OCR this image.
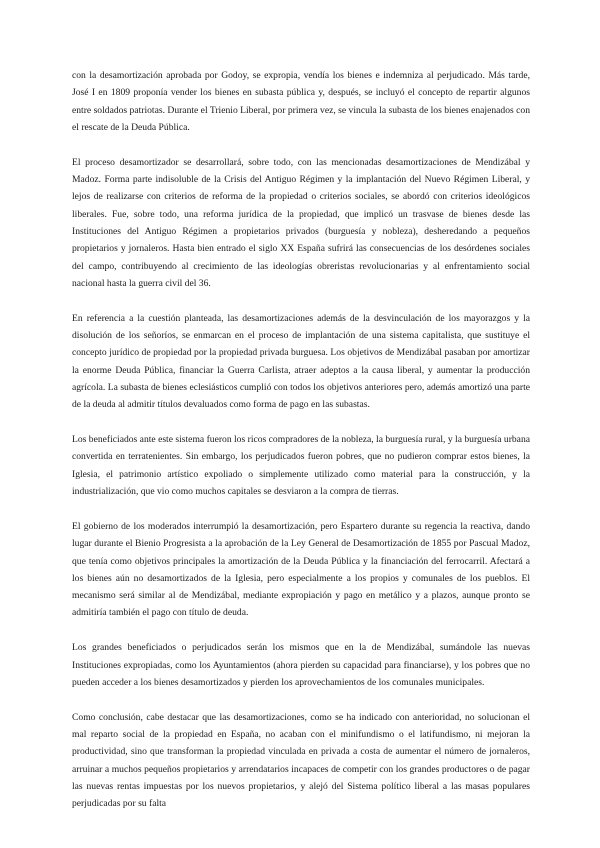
con la desamortización aprobada por Godoy, se expropia, vendía los bienes e indemniza al perjudicado. Más tarde, José I en 1809 proponía vender los bienes en subasta pública y, después, se incluyó el concepto de repartir algunos entre soldados patriotas. Durante el Trienio Liberal, por primera vez, se vincula la subasta de los bienes enajenados con el rescate de la Deuda Pública.

El proceso desamortizador se desarrollará, sobre todo, con las mencionadas desamortizaciones de Mendizábal y Madoz. Forma parte indisoluble de la Crisis del Antiguo Régimen y la implantación del Nuevo Régimen Liberal, y lejos de realizarse con criterios de reforma de la propiedad o criterios sociales, se abordó con criterios ideológicos liberales. Fue, sobre todo, una reforma jurídica de la propiedad, que implicó un trasvase de bienes desde las Instituciones del Antiguo Régimen a propietarios privados (burguesía y nobleza), desheredando a pequeños propietarios y jornaleros. Hasta bien entrado el siglo XX España sufrirá las consecuencias de los desórdenes sociales del campo, contribuyendo al crecimiento de las ideologías obreristas revolucionarias y al enfrentamiento social nacional hasta la guerra civil del 36.

En referencia a la cuestión planteada, las desamortizaciones además de la desvinculación de los mayorazgos y la disolución de los señoríos, se enmarcan en el proceso de implantación de una sistema capitalista, que sustituye el concepto jurídico de propiedad por la propiedad privada burguesa. Los objetivos de Mendizábal pasaban por amortizar la enorme Deuda Pública, financiar la Guerra Carlista, atraer adeptos a la causa liberal, y aumentar la producción agrícola. La subasta de bienes eclesiásticos cumplió con todos los objetivos anteriores pero, además amortizó una parte de la deuda al admitir títulos devaluados como forma de pago en las subastas.

Los beneficiados ante este sistema fueron los ricos compradores de la nobleza, la burguesía rural, y la burguesía urbana convertida en terratenientes. Sin embargo, los perjudicados fueron pobres, que no pudieron comprar estos bienes, la Iglesia, el patrimonio artístico expoliado o simplemente utilizado como material para la construcción, y la industrialización, que vio como muchos capitales se desviaron a la compra de tierras.

El gobierno de los moderados interrumpió la desamortización, pero Espartero durante su regencia la reactiva, dando lugar durante el Bienio Progresista a la aprobación de la Ley General de Desamortización de 1855 por Pascual Madoz, que tenía como objetivos principales la amortización de la Deuda Pública y la financiación del ferrocarril. Afectará a los bienes aún no desamortizados de la Iglesia, pero especialmente a los propios y comunales de los pueblos. El mecanismo será similar al de Mendizábal, mediante expropiación y pago en metálico y a plazos, aunque pronto se admitiría también el pago con título de deuda.

Los grandes beneficiados o perjudicados serán los mismos que en la de Mendizábal, sumándole las nuevas Instituciones expropiadas, como los Ayuntamientos (ahora pierden su capacidad para financiarse), y los pobres que no pueden acceder a los bienes desamortizados y pierden los aprovechamientos de los comunales municipales.

Como conclusión, cabe destacar que las desamortizaciones, como se ha indicado con anterioridad, no solucionan el mal reparto social de la propiedad en España, no acaban con el minifundismo o el latifundismo, ni mejoran la productividad, sino que transforman la propiedad vinculada en privada a costa de aumentar el número de jornaleros, arruinar a muchos pequeños propietarios y arrendatarios incapaces de competir con los grandes productores o de pagar las nuevas rentas impuestas por los nuevos propietarios, y alejó del Sistema político liberal a las masas populares perjudicadas por su falta
